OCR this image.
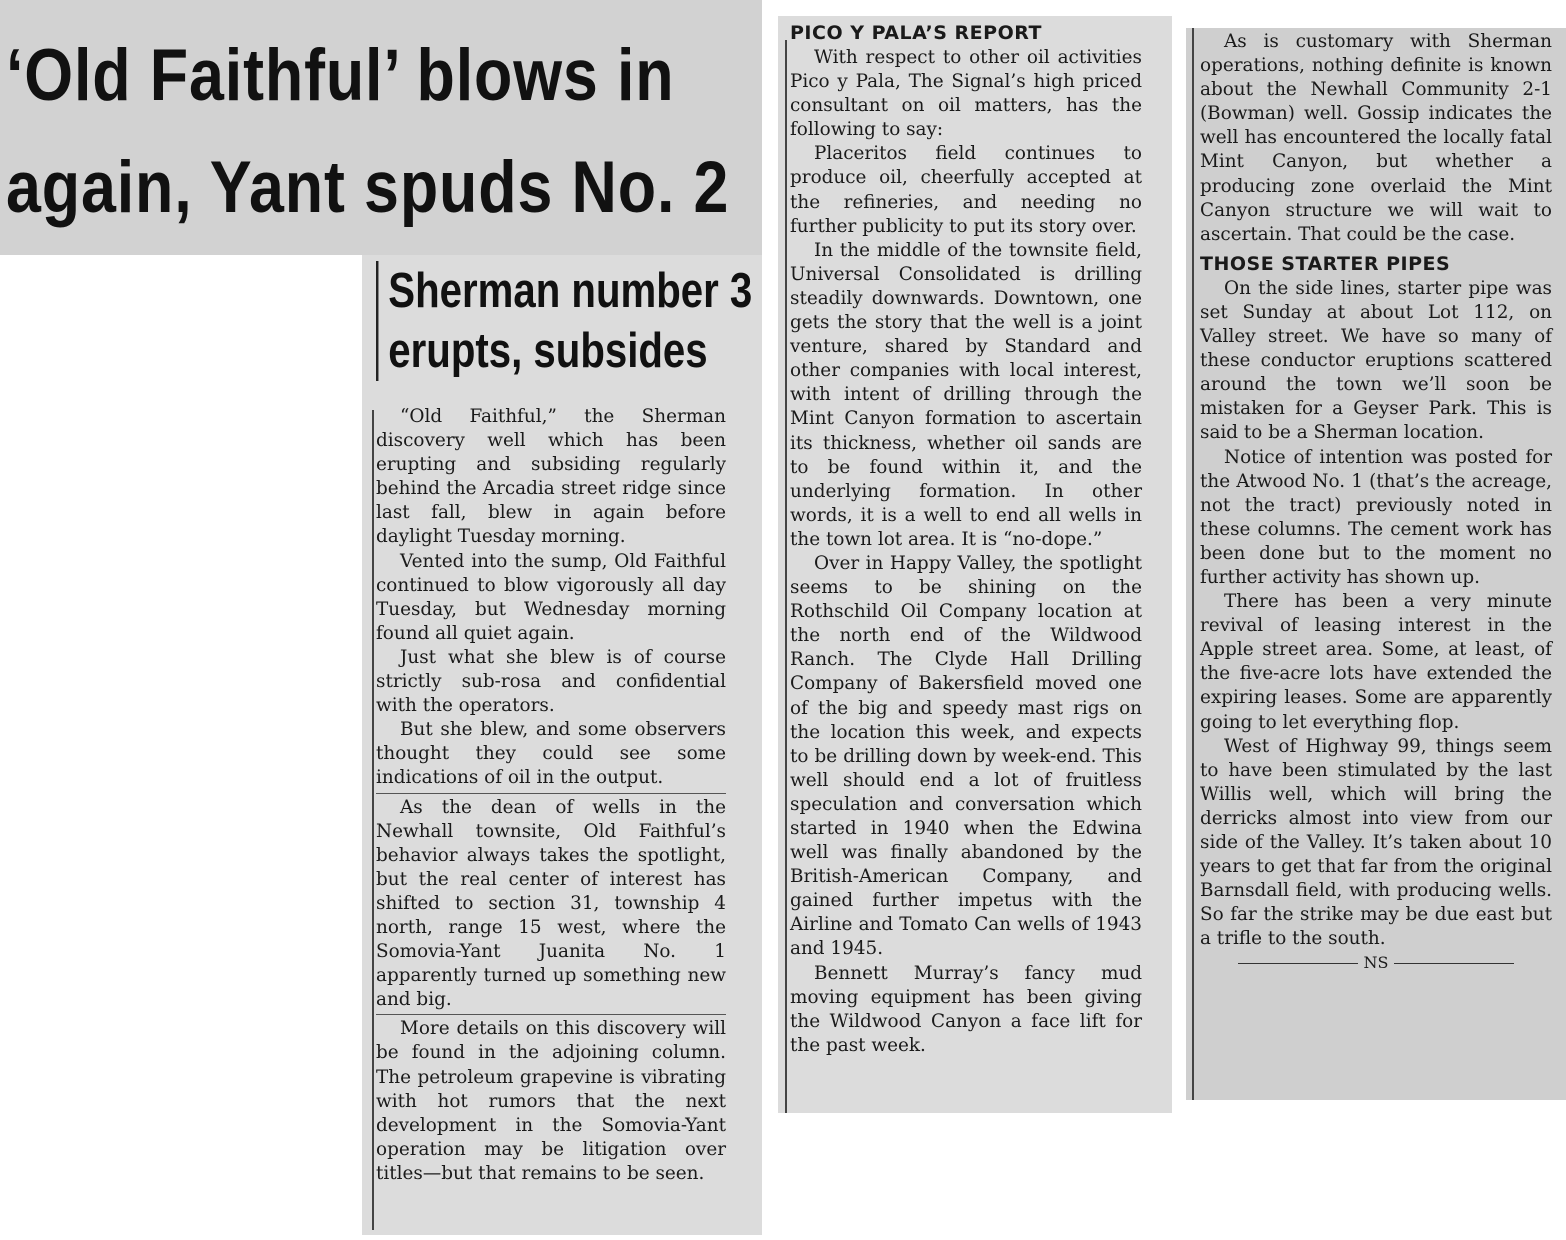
‘Old Faithful’ blows in
again, Yant spuds No. 2
Sherman number 3
erupts, subsides

“Old Faithful,” the Sherman discovery well which has been erupting and subsiding regularly behind the Arcadia street ridge since last fall, blew in again before daylight Tuesday morning.

Vented into the sump, Old Faithful continued to blow vigorously all day Tuesday, but Wednesday morning found all quiet again.

Just what she blew is of course strictly sub-rosa and confidential with the operators.

But she blew, and some observers thought they could see some indications of oil in the output.

As the dean of wells in the Newhall townsite, Old Faithful’s behavior always takes the spotlight, but the real center of interest has shifted to section 31, township 4 north, range 15 west, where the Somovia-Yant Juanita No. 1 apparently turned up something new and big.

More details on this discovery will be found in the adjoining column. The petroleum grapevine is vibrating with hot rumors that the next development in the Somovia-Yant operation may be litigation over titles—but that remains to be seen.

PICO Y PALA’S REPORT

With respect to other oil activities Pico y Pala, The Signal’s high priced consultant on oil matters, has the following to say:

Placeritos field continues to produce oil, cheerfully accepted at the refineries, and needing no further publicity to put its story over.

In the middle of the townsite field, Universal Consolidated is drilling steadily downwards. Downtown, one gets the story that the well is a joint venture, shared by Standard and other companies with local interest, with intent of drilling through the Mint Canyon formation to ascertain its thickness, whether oil sands are to be found within it, and the underlying formation. In other words, it is a well to end all wells in the town lot area. It is “no-dope.”

Over in Happy Valley, the spotlight seems to be shining on the Rothschild Oil Company location at the north end of the Wildwood Ranch. The Clyde Hall Drilling Company of Bakersfield moved one of the big and speedy mast rigs on the location this week, and expects to be drilling down by week-end. This well should end a lot of fruitless speculation and conversation which started in 1940 when the Edwina well was finally abandoned by the British-American Company, and gained further impetus with the Airline and Tomato Can wells of 1943 and 1945.

Bennett Murray’s fancy mud moving equipment has been giving the Wildwood Canyon a face lift for the past week.

As is customary with Sherman operations, nothing definite is known about the Newhall Community 2-1 (Bowman) well. Gossip indicates the well has encountered the locally fatal Mint Canyon, but whether a producing zone overlaid the Mint Canyon structure we will wait to ascertain. That could be the case.

THOSE STARTER PIPES

On the side lines, starter pipe was set Sunday at about Lot 112, on Valley street. We have so many of these conductor eruptions scattered around the town we’ll soon be mistaken for a Geyser Park. This is said to be a Sherman location.

Notice of intention was posted for the Atwood No. 1 (that’s the acreage, not the tract) previously noted in these columns. The cement work has been done but to the moment no further activity has shown up.

There has been a very minute revival of leasing interest in the Apple street area. Some, at least, of the five-acre lots have extended the expiring leases. Some are apparently going to let everything flop.

West of Highway 99, things seem to have been stimulated by the last Willis well, which will bring the derricks almost into view from our side of the Valley. It’s taken about 10 years to get that far from the original Barnsdall field, with producing wells. So far the strike may be due east but a trifle to the south.

NS
